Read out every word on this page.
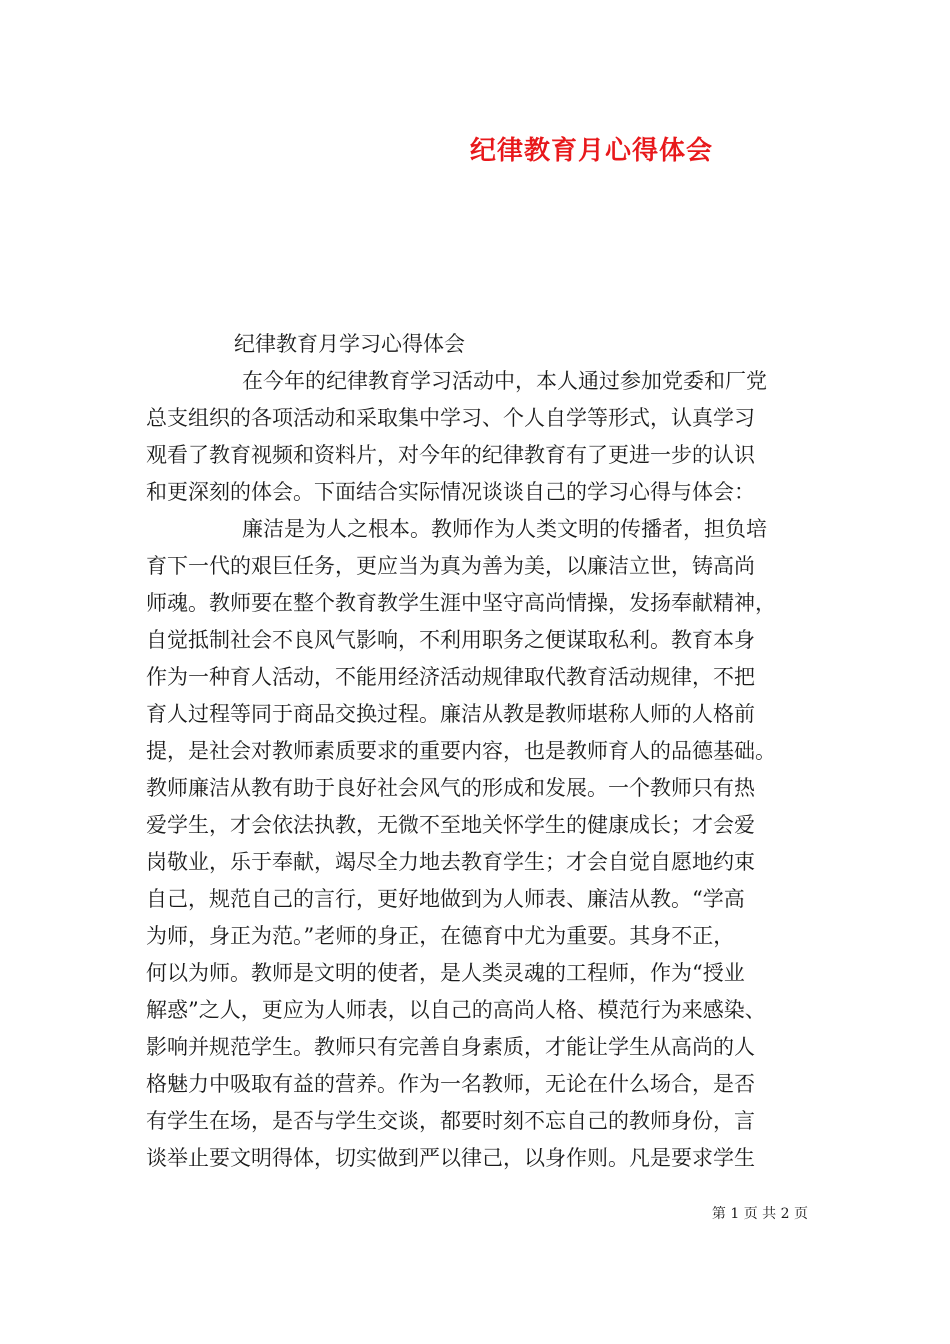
纪律教育月心得体会
纪律教育月学习心得体会
在今年的纪律教育学习活动中，本人通过参加党委和厂党
总支组织的各项活动和采取集中学习、个人自学等形式，认真学习
观看了教育视频和资料片，对今年的纪律教育有了更进一步的认识
和更深刻的体会。下面结合实际情况谈谈自己的学习心得与体会：
廉洁是为人之根本。教师作为人类文明的传播者，担负培
育下一代的艰巨任务，更应当为真为善为美，以廉洁立世，铸高尚
师魂。教师要在整个教育教学生涯中坚守高尚情操，发扬奉献精神，
自觉抵制社会不良风气影响，不利用职务之便谋取私利。教育本身
作为一种育人活动，不能用经济活动规律取代教育活动规律，不把
育人过程等同于商品交换过程。廉洁从教是教师堪称人师的人格前
提，是社会对教师素质要求的重要内容，也是教师育人的品德基础。
教师廉洁从教有助于良好社会风气的形成和发展。一个教师只有热
爱学生，才会依法执教，无微不至地关怀学生的健康成长；才会爱
岗敬业，乐于奉献，竭尽全力地去教育学生；才会自觉自愿地约束
自己，规范自己的言行，更好地做到为人师表、廉洁从教。“学高
为师，身正为范。”老师的身正，在德育中尤为重要。其身不正，
何以为师。教师是文明的使者，是人类灵魂的工程师，作为“授业
解惑”之人，更应为人师表，以自己的高尚人格、模范行为来感染、
影响并规范学生。教师只有完善自身素质，才能让学生从高尚的人
格魅力中吸取有益的营养。作为一名教师，无论在什么场合，是否
有学生在场，是否与学生交谈，都要时刻不忘自己的教师身份，言
谈举止要文明得体，切实做到严以律己，以身作则。凡是要求学生
第 1 页 共 2 页
